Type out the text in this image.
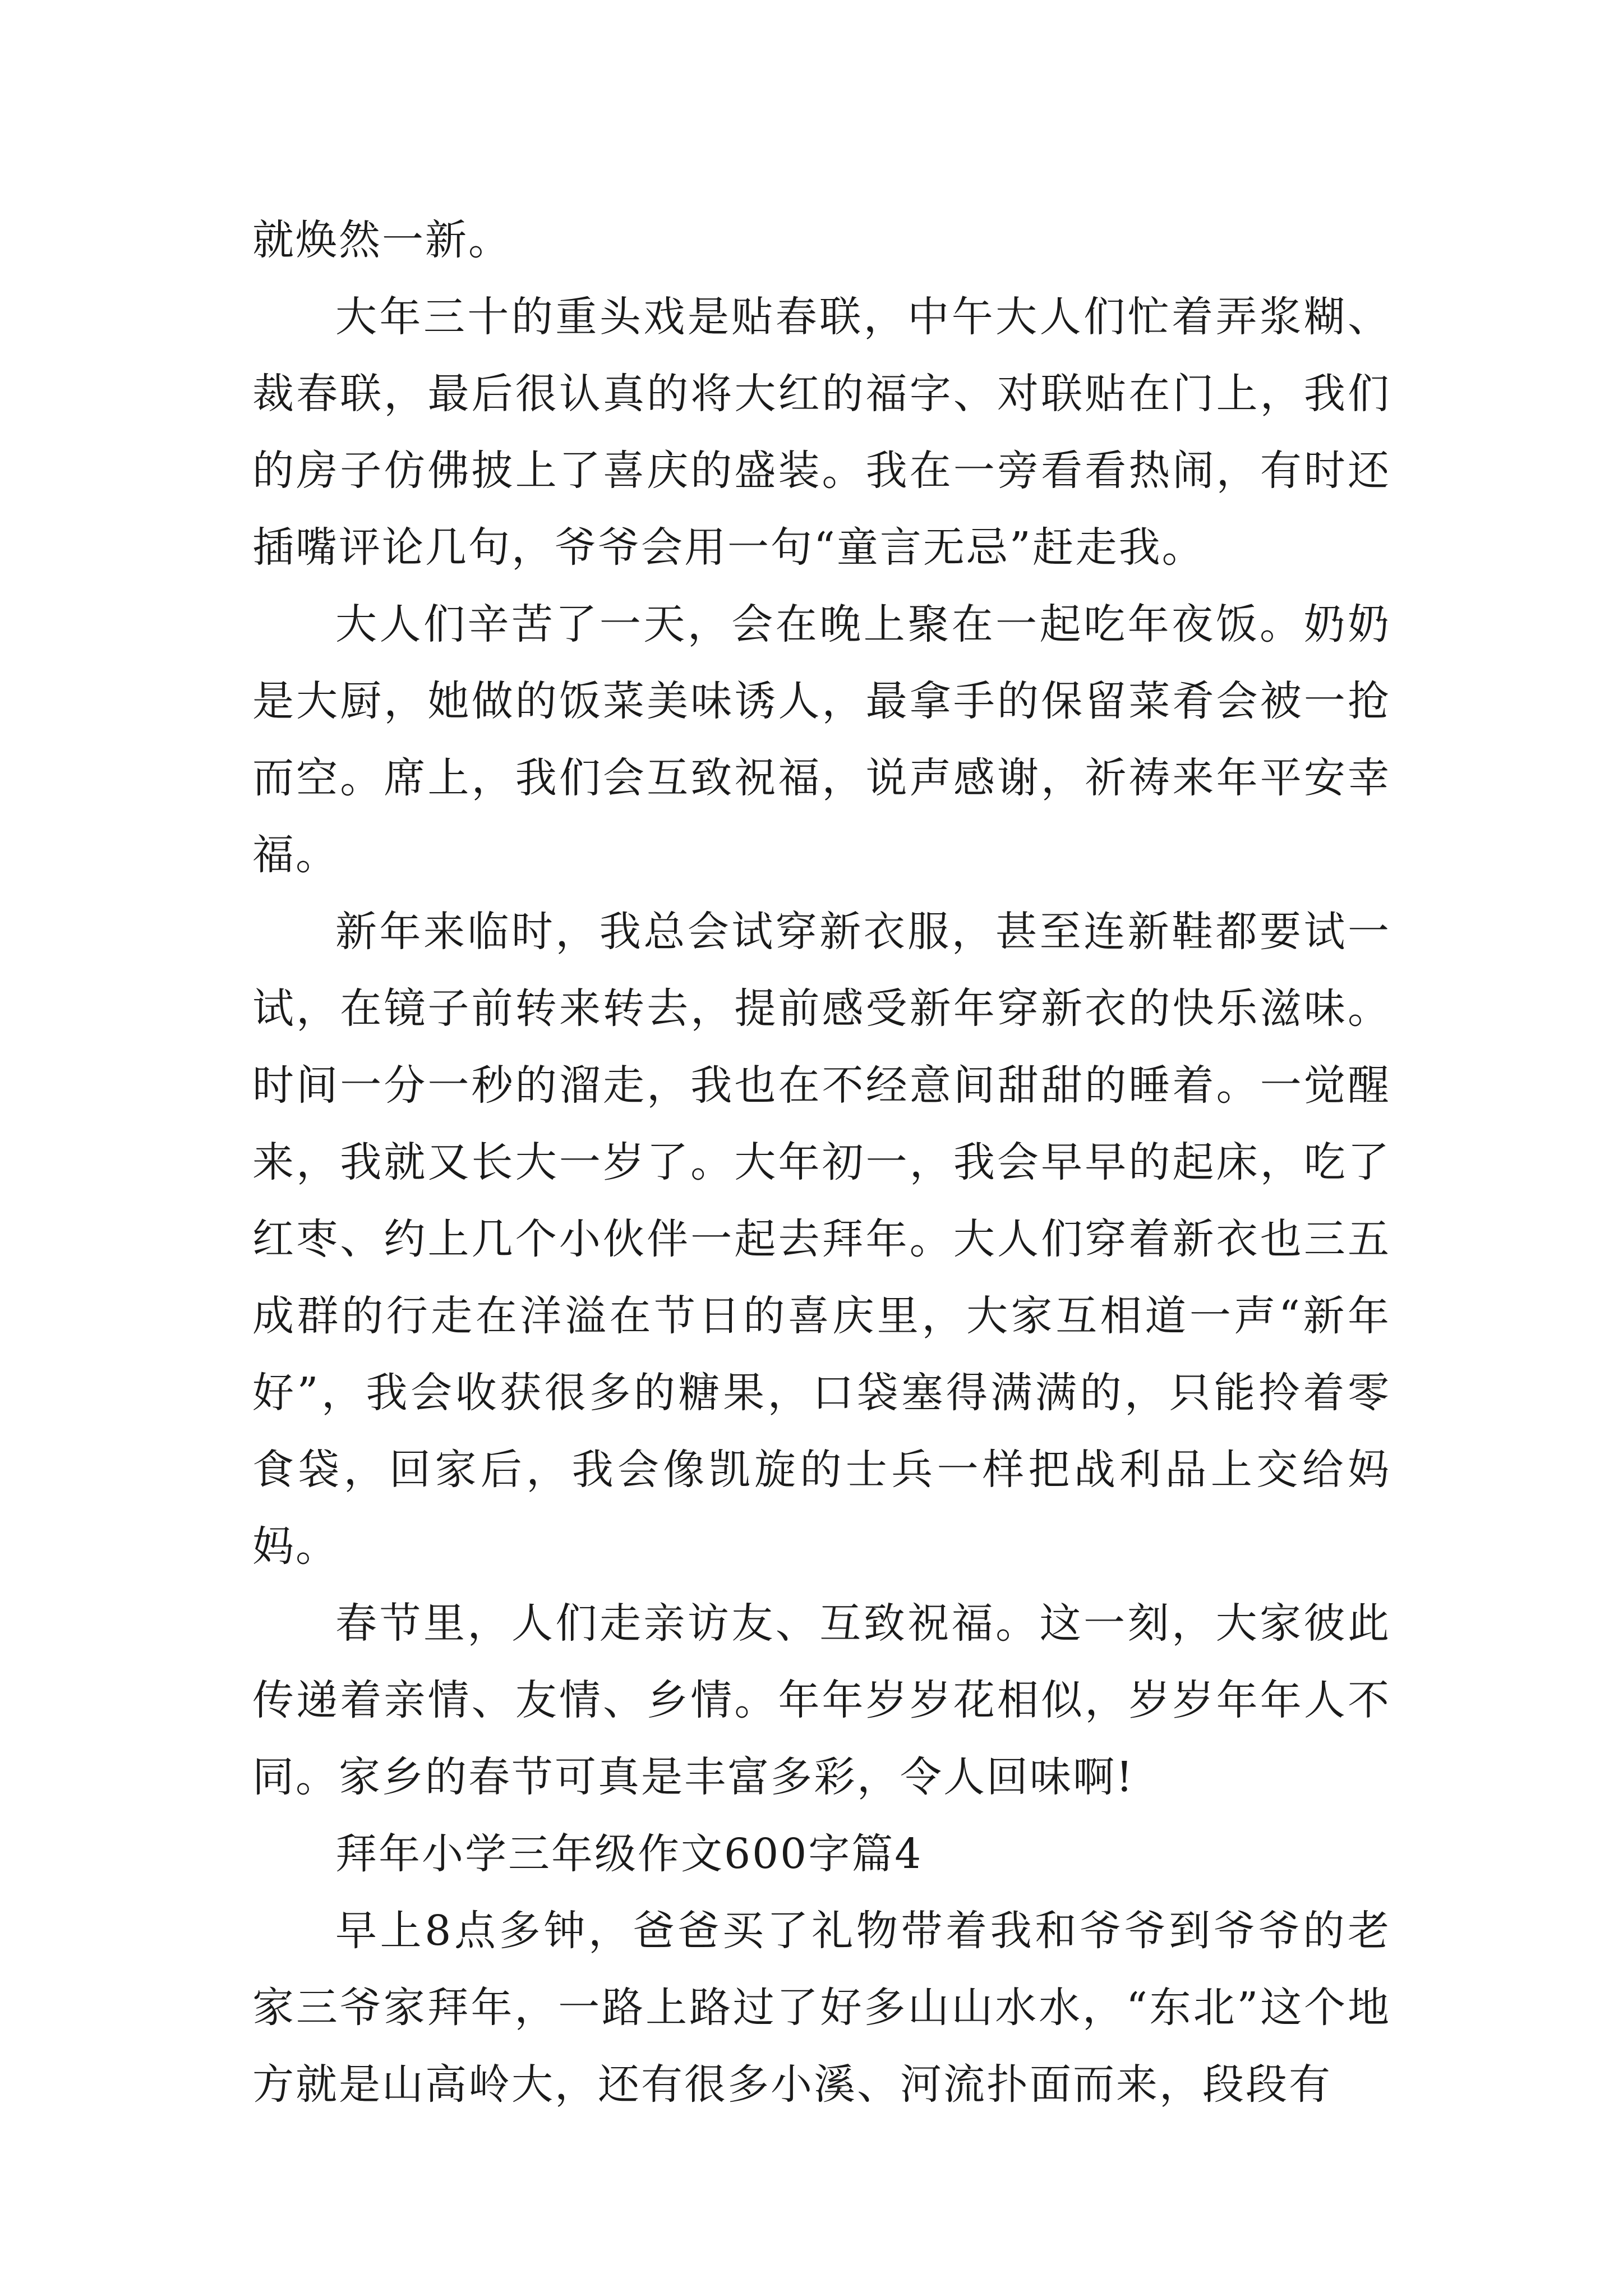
就焕然一新。

大年三十的重头戏是贴春联，中午大人们忙着弄浆糊、裁春联，最后很认真的将大红的福字、对联贴在门上，我们的房子仿佛披上了喜庆的盛装。我在一旁看看热闹，有时还插嘴评论几句，爷爷会用一句“童言无忌”赶走我。

大人们辛苦了一天，会在晚上聚在一起吃年夜饭。奶奶是大厨，她做的饭菜美味诱人，最拿手的保留菜肴会被一抢而空。席上，我们会互致祝福，说声感谢，祈祷来年平安幸福。

新年来临时，我总会试穿新衣服，甚至连新鞋都要试一试，在镜子前转来转去，提前感受新年穿新衣的快乐滋味。时间一分一秒的溜走，我也在不经意间甜甜的睡着。一觉醒来，我就又长大一岁了。大年初一，我会早早的起床，吃了红枣、约上几个小伙伴一起去拜年。大人们穿着新衣也三五成群的行走在洋溢在节日的喜庆里，大家互相道一声“新年好”，我会收获很多的糖果，口袋塞得满满的，只能拎着零食袋，回家后，我会像凯旋的士兵一样把战利品上交给妈妈。

春节里，人们走亲访友、互致祝福。这一刻，大家彼此传递着亲情、友情、乡情。年年岁岁花相似，岁岁年年人不同。家乡的春节可真是丰富多彩，令人回味啊!

拜年小学三年级作文600字篇4

早上8点多钟，爸爸买了礼物带着我和爷爷到爷爷的老家三爷家拜年，一路上路过了好多山山水水，“东北”这个地方就是山高岭大，还有很多小溪、河流扑面而来，段段有
